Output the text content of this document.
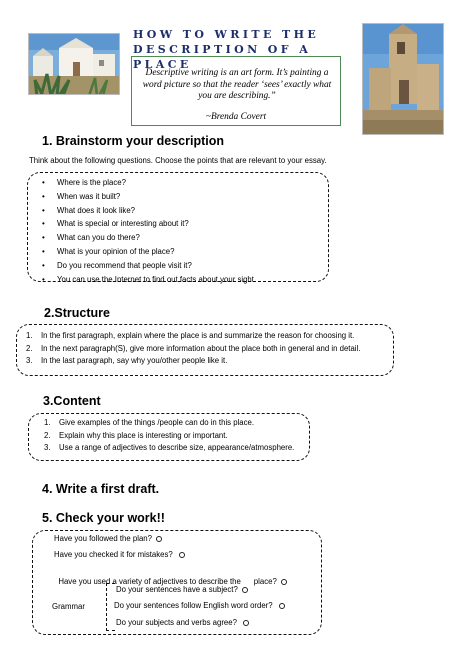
HOW TO WRITE THE DESCRIPTION OF A PLACE
Descriptive writing is an art form. It’s painting a word picture so that the reader ‘sees’ exactly what you are describing.”
~Brenda Covert
1. Brainstorm your description
Think about the following questions. Choose the points that are relevant to your essay.
• Where is the place?
• When was it built?
• What does it look like?
• What is special or interesting about it?
• What can you do there?
• What is your opinion of the place?
• Do you recommend that people visit it?
• You can use the Internet to find out facts about your sight.
2.Structure
1. In the first paragraph, explain where the place is and summarize the reason for choosing it.
2. In the next paragraph(S), give more information about the place both in general and in detail.
3. In the last paragraph, say why you/other people like it.
3.Content
1. Give examples of the things /people can do in this place.
2. Explain why this place is interesting or important.
3. Use a range of adjectives to describe size, appearance/atmosphere.
4. Write a first draft.
5. Check your work!!
Have you followed the plan?
Have you checked it for mistakes?

Have you used a variety of adjectives to describe the      place?

Grammar
Do your sentences have a subject?
Do your sentences follow English word order?
Do your subjects and verbs agree?
